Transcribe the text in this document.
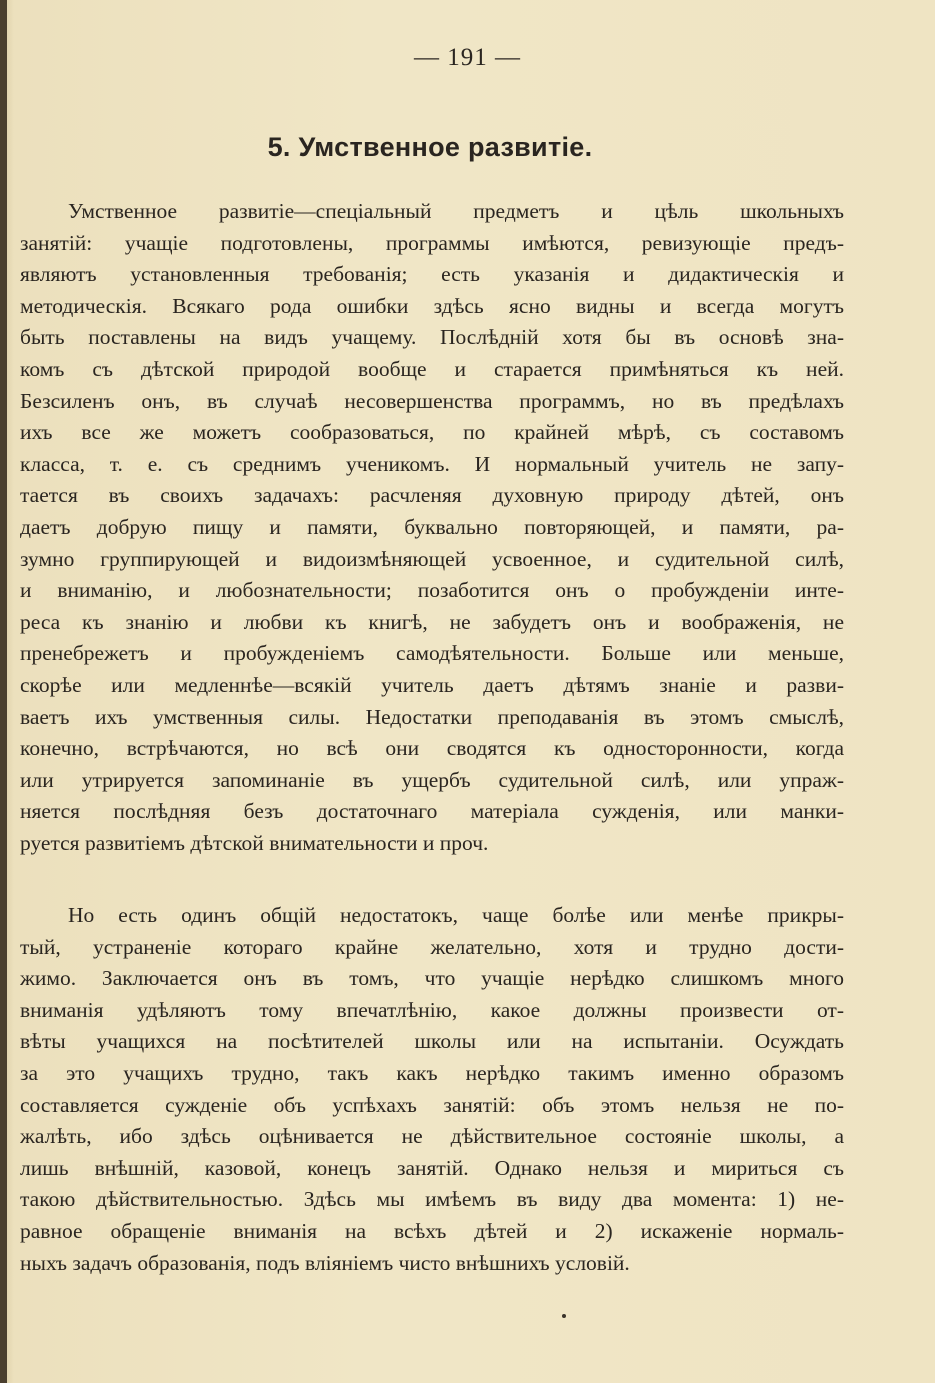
— 191 —
5. Умственное развитіе.
Умственное развитіе—спеціальный предметъ и цѣль школьныхъ
занятій: учащіе подготовлены, программы имѣются, ревизующіе предъ-
являютъ установленныя требованія; есть указанія и дидактическія и
методическія. Всякаго рода ошибки здѣсь ясно видны и всегда могутъ
быть поставлены на видъ учащему. Послѣдній хотя бы въ основѣ зна-
комъ съ дѣтской природой вообще и старается примѣняться къ ней.
Безсиленъ онъ, въ случаѣ несовершенства программъ, но въ предѣлахъ
ихъ все же можетъ сообразоваться, по крайней мѣрѣ, съ составомъ
класса, т. е. съ среднимъ ученикомъ. И нормальный учитель не запу-
тается въ своихъ задачахъ: расчленяя духовную природу дѣтей, онъ
даетъ добрую пищу и памяти, буквально повторяющей, и памяти, ра-
зумно группирующей и видоизмѣняющей усвоенное, и судительной силѣ,
и вниманію, и любознательности; позаботится онъ о пробужденіи инте-
реса къ знанію и любви къ книгѣ, не забудетъ онъ и воображенія, не
пренебрежетъ и пробужденіемъ самодѣятельности. Больше или меньше,
скорѣе или медленнѣе—всякій учитель даетъ дѣтямъ знаніе и разви-
ваетъ ихъ умственныя силы. Недостатки преподаванія въ этомъ смыслѣ,
конечно, встрѣчаются, но всѣ они сводятся къ односторонности, когда
или утрируется запоминаніе въ ущербъ судительной силѣ, или упраж-
няется послѣдняя безъ достаточнаго матеріала сужденія, или манки-
руется развитіемъ дѣтской внимательности и проч.
Но есть одинъ общій недостатокъ, чаще болѣе или менѣе прикры-
тый, устраненіе котораго крайне желательно, хотя и трудно дости-
жимо. Заключается онъ въ томъ, что учащіе нерѣдко слишкомъ много
вниманія удѣляютъ тому впечатлѣнію, какое должны произвести от-
вѣты учащихся на посѣтителей школы или на испытаніи. Осуждать
за это учащихъ трудно, такъ какъ нерѣдко такимъ именно образомъ
составляется сужденіе объ успѣхахъ занятій: объ этомъ нельзя не по-
жалѣть, ибо здѣсь оцѣнивается не дѣйствительное состояніе школы, а
лишь внѣшній, казовой, конецъ занятій. Однако нельзя и мириться съ
такою дѣйствительностью. Здѣсь мы имѣемъ въ виду два момента: 1) не-
равное обращеніе вниманія на всѣхъ дѣтей и 2) искаженіе нормаль-
ныхъ задачъ образованія, подъ вліяніемъ чисто внѣшнихъ условій.
